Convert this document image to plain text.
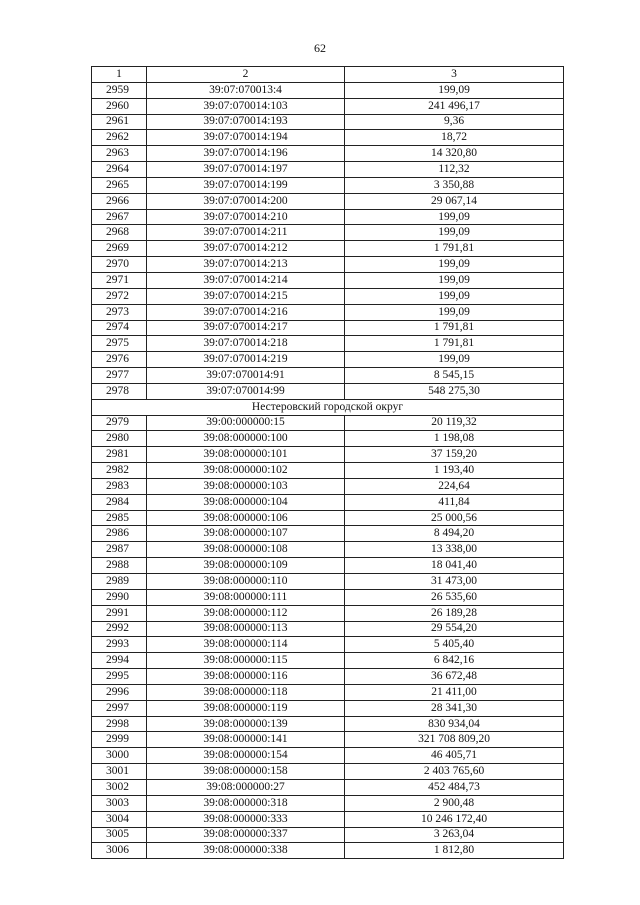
62
1	2	3
2959	39:07:070013:4	199,09
2960	39:07:070014:103	241 496,17
2961	39:07:070014:193	9,36
2962	39:07:070014:194	18,72
2963	39:07:070014:196	14 320,80
2964	39:07:070014:197	112,32
2965	39:07:070014:199	3 350,88
2966	39:07:070014:200	29 067,14
2967	39:07:070014:210	199,09
2968	39:07:070014:211	199,09
2969	39:07:070014:212	1 791,81
2970	39:07:070014:213	199,09
2971	39:07:070014:214	199,09
2972	39:07:070014:215	199,09
2973	39:07:070014:216	199,09
2974	39:07:070014:217	1 791,81
2975	39:07:070014:218	1 791,81
2976	39:07:070014:219	199,09
2977	39:07:070014:91	8 545,15
2978	39:07:070014:99	548 275,30
Нестеровский городской округ		
2979	39:00:000000:15	20 119,32
2980	39:08:000000:100	1 198,08
2981	39:08:000000:101	37 159,20
2982	39:08:000000:102	1 193,40
2983	39:08:000000:103	224,64
2984	39:08:000000:104	411,84
2985	39:08:000000:106	25 000,56
2986	39:08:000000:107	8 494,20
2987	39:08:000000:108	13 338,00
2988	39:08:000000:109	18 041,40
2989	39:08:000000:110	31 473,00
2990	39:08:000000:111	26 535,60
2991	39:08:000000:112	26 189,28
2992	39:08:000000:113	29 554,20
2993	39:08:000000:114	5 405,40
2994	39:08:000000:115	6 842,16
2995	39:08:000000:116	36 672,48
2996	39:08:000000:118	21 411,00
2997	39:08:000000:119	28 341,30
2998	39:08:000000:139	830 934,04
2999	39:08:000000:141	321 708 809,20
3000	39:08:000000:154	46 405,71
3001	39:08:000000:158	2 403 765,60
3002	39:08:000000:27	452 484,73
3003	39:08:000000:318	2 900,48
3004	39:08:000000:333	10 246 172,40
3005	39:08:000000:337	3 263,04
3006	39:08:000000:338	1 812,80
